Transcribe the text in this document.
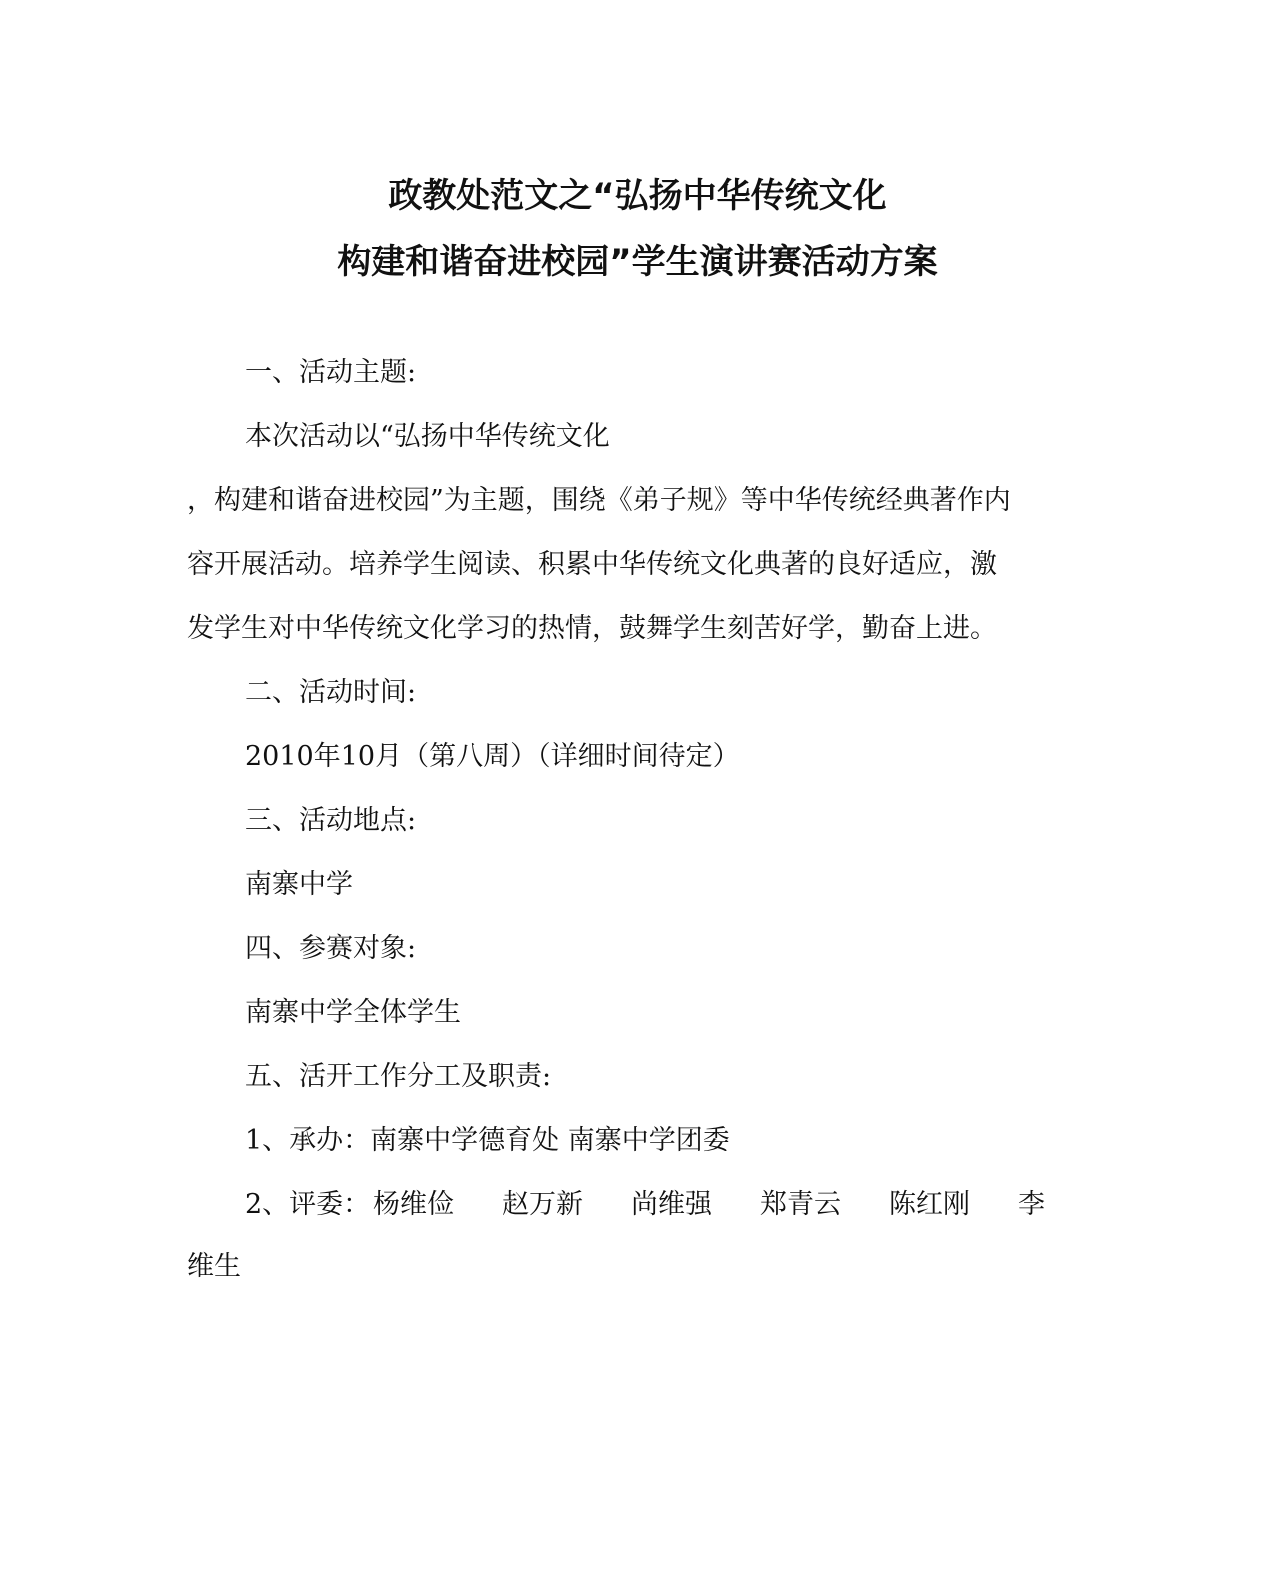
政教处范文之“弘扬中华传统文化
构建和谐奋进校园”学生演讲赛活动方案

一、活动主题:

本次活动以“弘扬中华传统文化

，构建和谐奋进校园”为主题，围绕《弟子规》等中华传统经典著作内

容开展活动。培养学生阅读、积累中华传统文化典著的良好适应，激

发学生对中华传统文化学习的热情，鼓舞学生刻苦好学，勤奋上进。

二、活动时间:

2010年10月（第八周）（详细时间待定）

三、活动地点:

南寨中学

四、参赛对象:

南寨中学全体学生

五、活开工作分工及职责:

1、承办：南寨中学德育处 南寨中学团委

2、评委： 杨维俭 赵万新 尚维强 郑青云 陈红刚 李

维生
